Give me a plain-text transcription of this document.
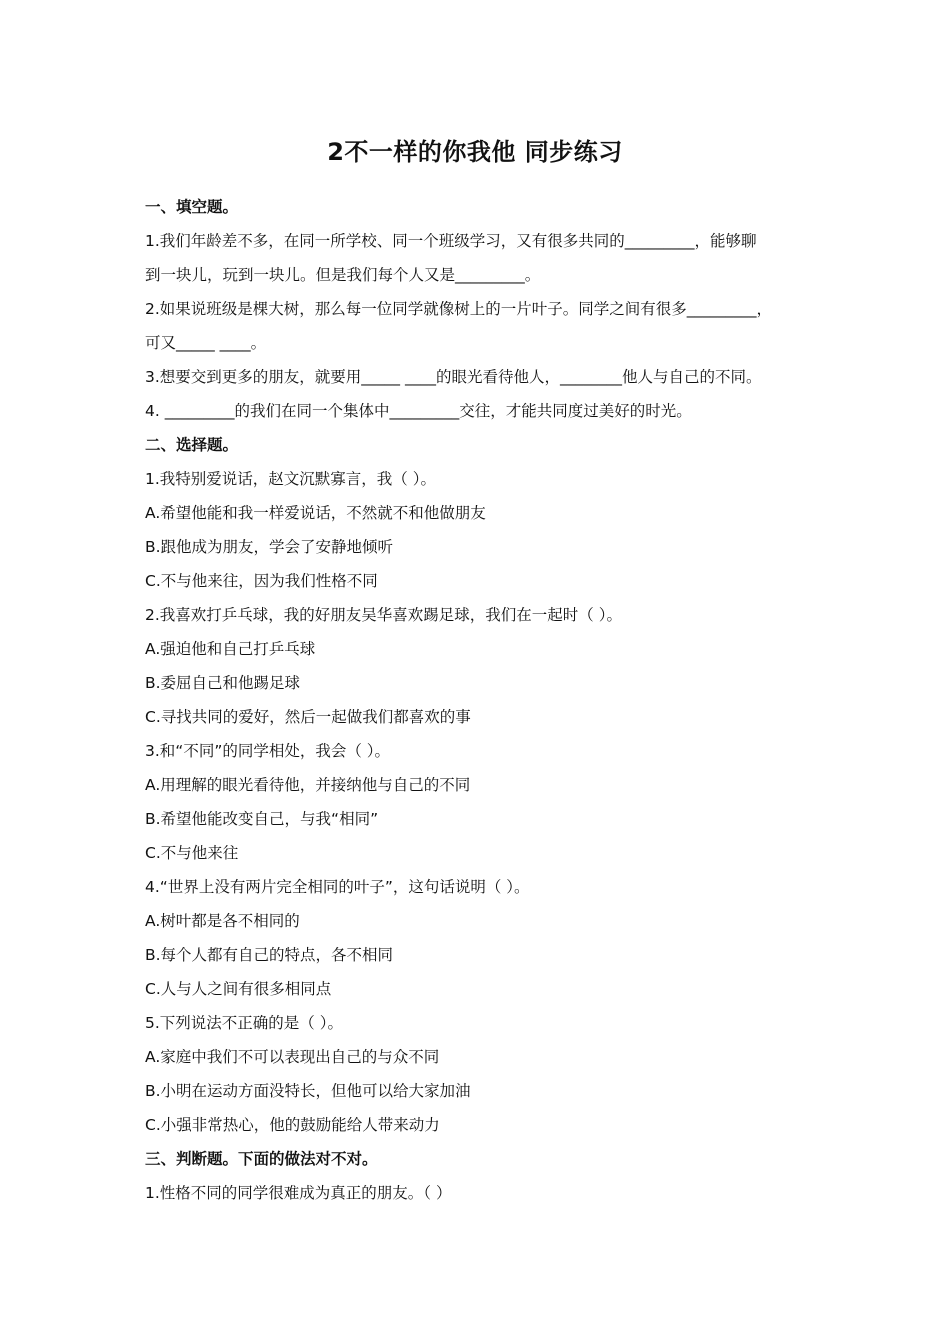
2不一样的你我他 同步练习
一、填空题。
1.我们年龄差不多，在同一所学校、同一个班级学习，又有很多共同的_________，能够聊
到一块儿，玩到一块儿。但是我们每个人又是_________。
2.如果说班级是棵大树，那么每一位同学就像树上的一片叶子。同学之间有很多_________，
可又_____ ____。
3.想要交到更多的朋友，就要用_____ ____的眼光看待他人，________他人与自己的不同。
4. _________的我们在同一个集体中_________交往，才能共同度过美好的时光。
二、选择题。
1.我特别爱说话，赵文沉默寡言，我（ ）。
A.希望他能和我一样爱说话，不然就不和他做朋友
B.跟他成为朋友，学会了安静地倾听
C.不与他来往，因为我们性格不同
2.我喜欢打乒乓球，我的好朋友吴华喜欢踢足球，我们在一起时（ ）。
A.强迫他和自己打乒乓球
B.委屈自己和他踢足球
C.寻找共同的爱好，然后一起做我们都喜欢的事
3.和“不同”的同学相处，我会（ ）。
A.用理解的眼光看待他，并接纳他与自己的不同
B.希望他能改变自己，与我“相同”
C.不与他来往
4.“世界上没有两片完全相同的叶子”，这句话说明（ ）。
A.树叶都是各不相同的
B.每个人都有自己的特点，各不相同
C.人与人之间有很多相同点
5.下列说法不正确的是（ ）。
A.家庭中我们不可以表现出自己的与众不同
B.小明在运动方面没特长，但他可以给大家加油
C.小强非常热心，他的鼓励能给人带来动力
三、判断题。下面的做法对不对。
1.性格不同的同学很难成为真正的朋友。（ ）
